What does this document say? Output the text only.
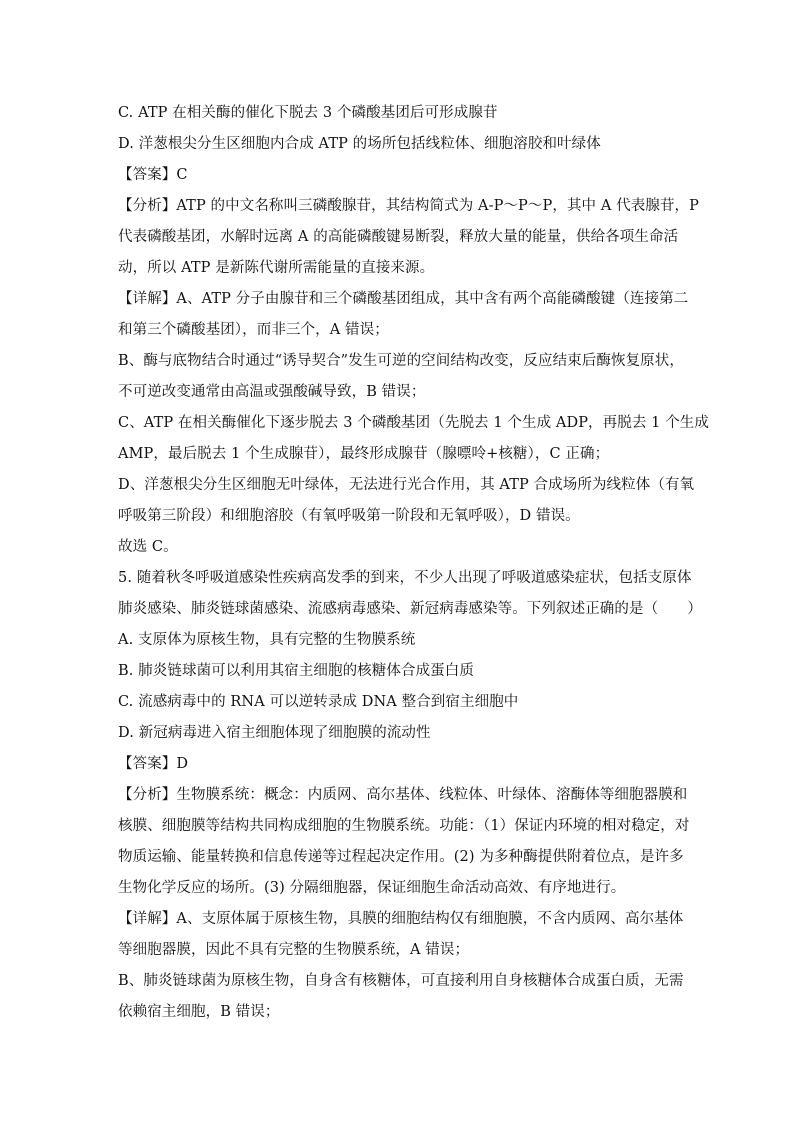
C. ATP 在相关酶的催化下脱去 3 个磷酸基团后可形成腺苷
D. 洋葱根尖分生区细胞内合成 ATP 的场所包括线粒体、细胞溶胶和叶绿体
【答案】C
【分析】ATP 的中文名称叫三磷酸腺苷，其结构简式为 A-P～P～P，其中 A 代表腺苷，P
代表磷酸基团，水解时远离 A 的高能磷酸键易断裂，释放大量的能量，供给各项生命活
动，所以 ATP 是新陈代谢所需能量的直接来源。
【详解】A、ATP 分子由腺苷和三个磷酸基团组成，其中含有两个高能磷酸键（连接第二
和第三个磷酸基团），而非三个，A 错误；
B、酶与底物结合时通过“诱导契合”发生可逆的空间结构改变，反应结束后酶恢复原状，
不可逆改变通常由高温或强酸碱导致，B 错误；
C、ATP 在相关酶催化下逐步脱去 3 个磷酸基团（先脱去 1 个生成 ADP，再脱去 1 个生成
AMP，最后脱去 1 个生成腺苷），最终形成腺苷（腺嘌呤+核糖），C 正确；
D、洋葱根尖分生区细胞无叶绿体，无法进行光合作用，其 ATP 合成场所为线粒体（有氧
呼吸第三阶段）和细胞溶胶（有氧呼吸第一阶段和无氧呼吸），D 错误。
故选 C。
5. 随着秋冬呼吸道感染性疾病高发季的到来，不少人出现了呼吸道感染症状，包括支原体
肺炎感染、肺炎链球菌感染、流感病毒感染、新冠病毒感染等。下列叙述正确的是（　　）
A. 支原体为原核生物，具有完整的生物膜系统
B. 肺炎链球菌可以利用其宿主细胞的核糖体合成蛋白质
C. 流感病毒中的 RNA 可以逆转录成 DNA 整合到宿主细胞中
D. 新冠病毒进入宿主细胞体现了细胞膜的流动性
【答案】D
【分析】生物膜系统：概念：内质网、高尔基体、线粒体、叶绿体、溶酶体等细胞器膜和
核膜、细胞膜等结构共同构成细胞的生物膜系统。功能：（1）保证内环境的相对稳定，对
物质运输、能量转换和信息传递等过程起决定作用。(2) 为多种酶提供附着位点，是许多
生物化学反应的场所。(3) 分隔细胞器，保证细胞生命活动高效、有序地进行。
【详解】A、支原体属于原核生物，具膜的细胞结构仅有细胞膜，不含内质网、高尔基体
等细胞器膜，因此不具有完整的生物膜系统，A 错误；
B、肺炎链球菌为原核生物，自身含有核糖体，可直接利用自身核糖体合成蛋白质，无需
依赖宿主细胞，B 错误；
